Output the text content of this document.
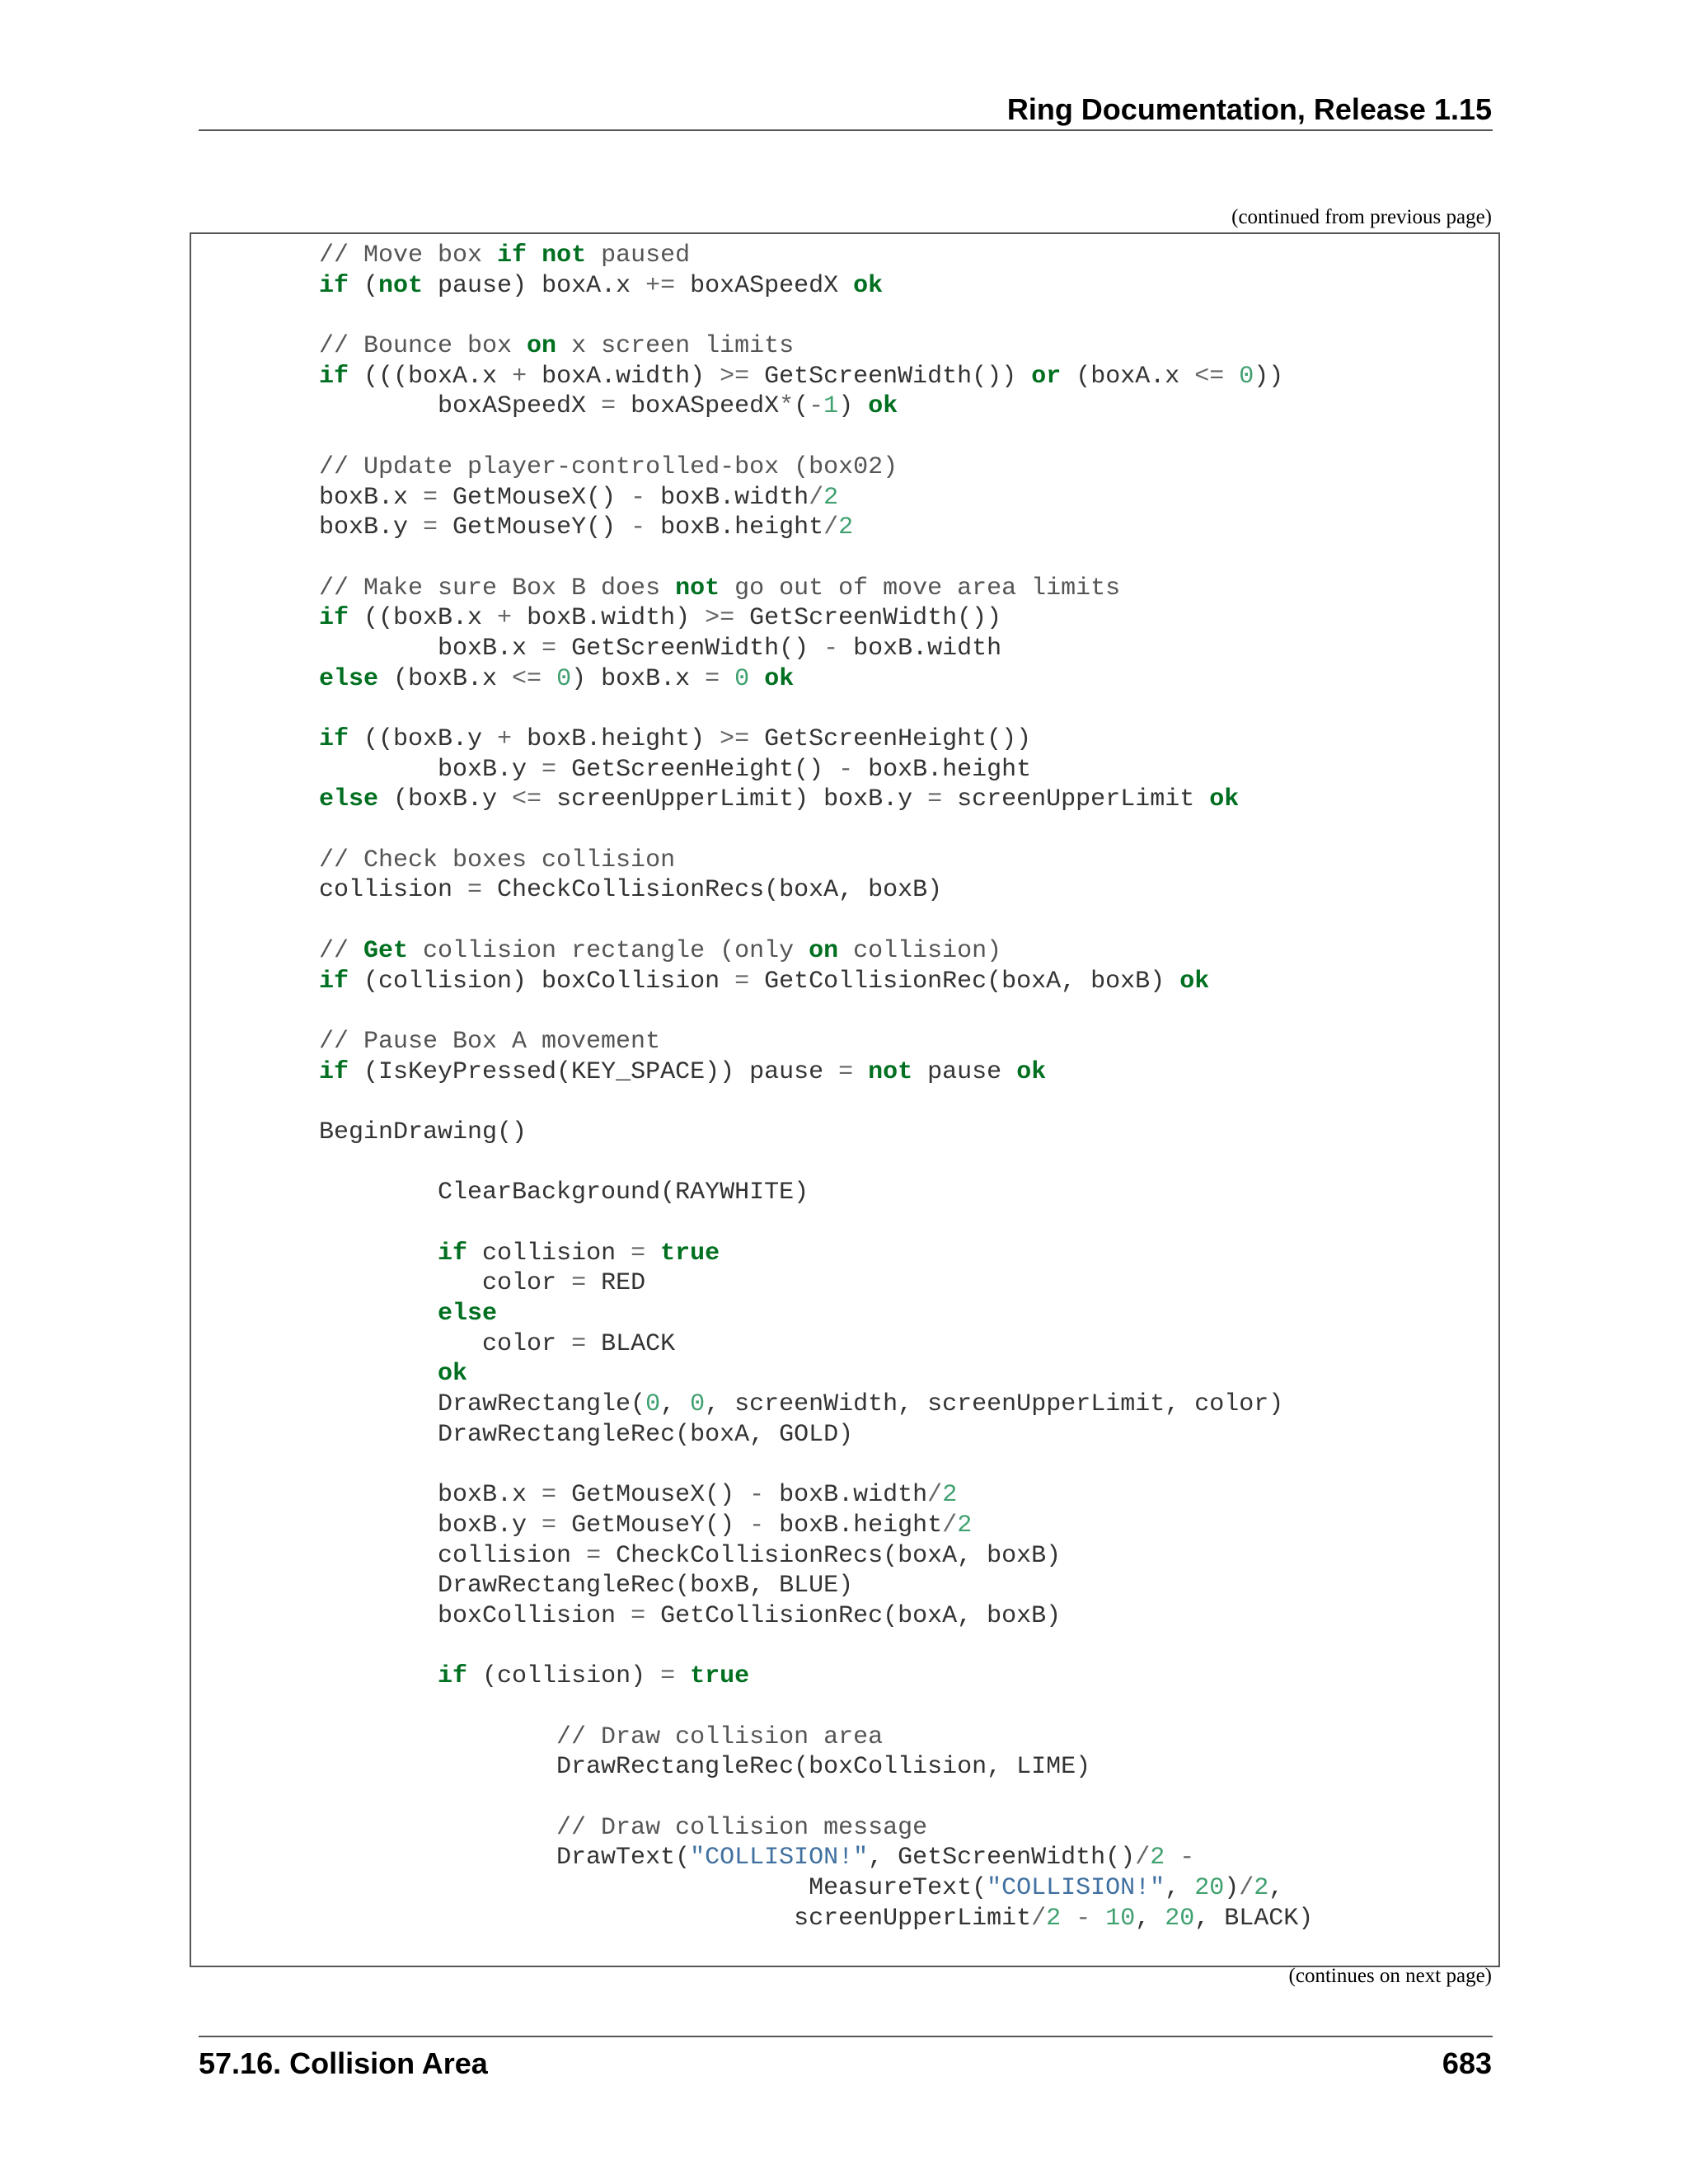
Ring Documentation, Release 1.15
(continued from previous page)
// Move box if not paused
if (not pause) boxA.x += boxASpeedX ok

// Bounce box on x screen limits
if (((boxA.x + boxA.width) >= GetScreenWidth()) or (boxA.x <= 0))
boxASpeedX = boxASpeedX*(-1) ok

// Update player-controlled-box (box02)
boxB.x = GetMouseX() - boxB.width/2
boxB.y = GetMouseY() - boxB.height/2

// Make sure Box B does not go out of move area limits
if ((boxB.x + boxB.width) >= GetScreenWidth())
boxB.x = GetScreenWidth() - boxB.width
else (boxB.x <= 0) boxB.x = 0 ok

if ((boxB.y + boxB.height) >= GetScreenHeight())
boxB.y = GetScreenHeight() - boxB.height
else (boxB.y <= screenUpperLimit) boxB.y = screenUpperLimit ok

// Check boxes collision
collision = CheckCollisionRecs(boxA, boxB)

// Get collision rectangle (only on collision)
if (collision) boxCollision = GetCollisionRec(boxA, boxB) ok

// Pause Box A movement
if (IsKeyPressed(KEY_SPACE)) pause = not pause ok

BeginDrawing()

ClearBackground(RAYWHITE)

if collision = true
color = RED
else
color = BLACK
ok
DrawRectangle(0, 0, screenWidth, screenUpperLimit, color)
DrawRectangleRec(boxA, GOLD)

boxB.x = GetMouseX() - boxB.width/2
boxB.y = GetMouseY() - boxB.height/2
collision = CheckCollisionRecs(boxA, boxB)
DrawRectangleRec(boxB, BLUE)
boxCollision = GetCollisionRec(boxA, boxB)

if (collision) = true

// Draw collision area
DrawRectangleRec(boxCollision, LIME)

// Draw collision message
DrawText("COLLISION!", GetScreenWidth()/2 -
MeasureText("COLLISION!", 20)/2,
screenUpperLimit/2 - 10, 20, BLACK)
(continues on next page)
57.16. Collision Area	683
